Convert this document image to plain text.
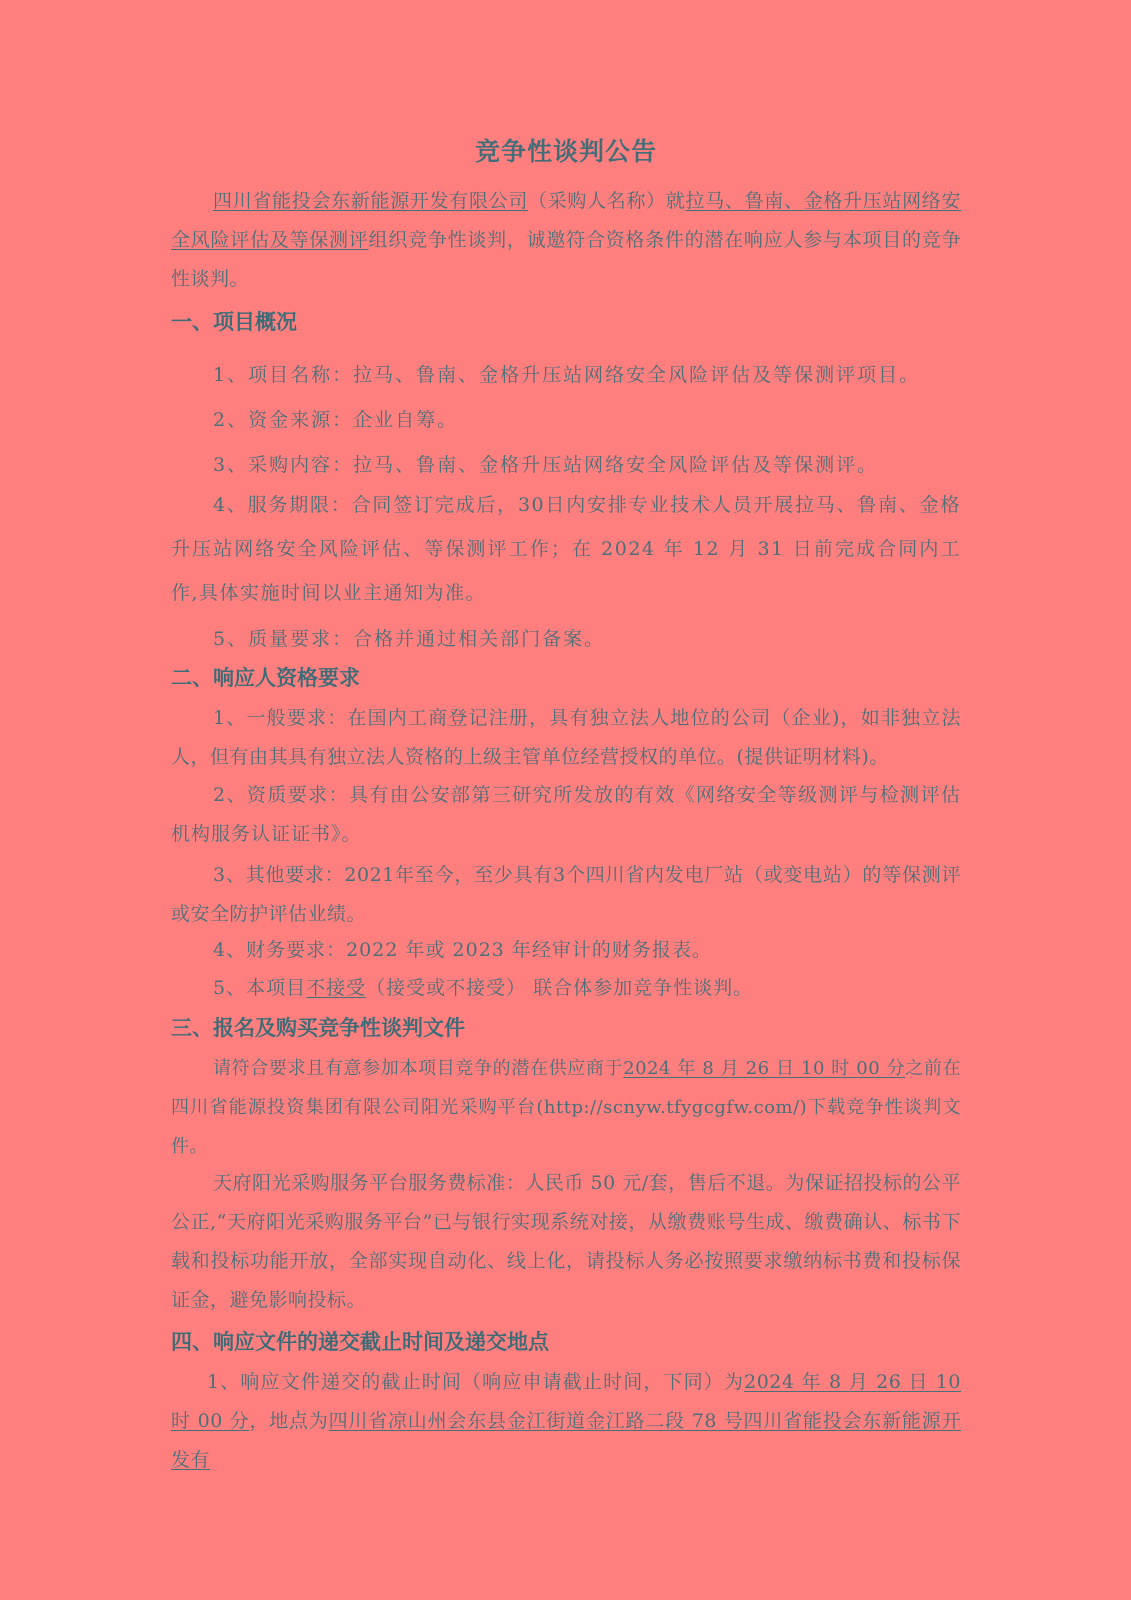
竞争性谈判公告
四川省能投会东新能源开发有限公司（采购人名称）就拉马、鲁南、金格升压站网络安全风险评估及等保测评组织竞争性谈判，诚邀符合资格条件的潜在响应人参与本项目的竞争性谈判。
一、项目概况
1、项目名称：拉马、鲁南、金格升压站网络安全风险评估及等保测评项目。
2、资金来源：企业自筹。
3、采购内容：拉马、鲁南、金格升压站网络安全风险评估及等保测评。
4、服务期限：合同签订完成后，30日内安排专业技术人员开展拉马、鲁南、金格升压站网络安全风险评估、等保测评工作；在 2024 年 12 月 31 日前完成合同内工作,具体实施时间以业主通知为准。
5、质量要求：合格并通过相关部门备案。
二、响应人资格要求
1、一般要求：在国内工商登记注册，具有独立法人地位的公司（企业)，如非独立法人，但有由其具有独立法人资格的上级主管单位经营授权的单位。(提供证明材料)。
2、资质要求：具有由公安部第三研究所发放的有效《网络安全等级测评与检测评估机构服务认证证书》。
3、其他要求：2021年至今，至少具有3个四川省内发电厂站（或变电站）的等保测评或安全防护评估业绩。
4、财务要求：2022 年或 2023 年经审计的财务报表。
5、本项目不接受（接受或不接受） 联合体参加竞争性谈判。
三、报名及购买竞争性谈判文件
请符合要求且有意参加本项目竞争的潜在供应商于2024 年 8 月 26 日 10 时 00 分之前在四川省能源投资集团有限公司阳光采购平台(http://scnyw.tfygcgfw.com/)下载竞争性谈判文件。
天府阳光采购服务平台服务费标准：人民币 50 元/套，售后不退。为保证招投标的公平公正,“天府阳光采购服务平台”已与银行实现系统对接，从缴费账号生成、缴费确认、标书下载和投标功能开放，全部实现自动化、线上化，请投标人务必按照要求缴纳标书费和投标保证金，避免影响投标。
四、响应文件的递交截止时间及递交地点
1、响应文件递交的截止时间（响应申请截止时间，下同）为2024 年 8 月 26 日 10 时 00 分，地点为四川省凉山州会东县金江街道金江路二段 78 号四川省能投会东新能源开发有
